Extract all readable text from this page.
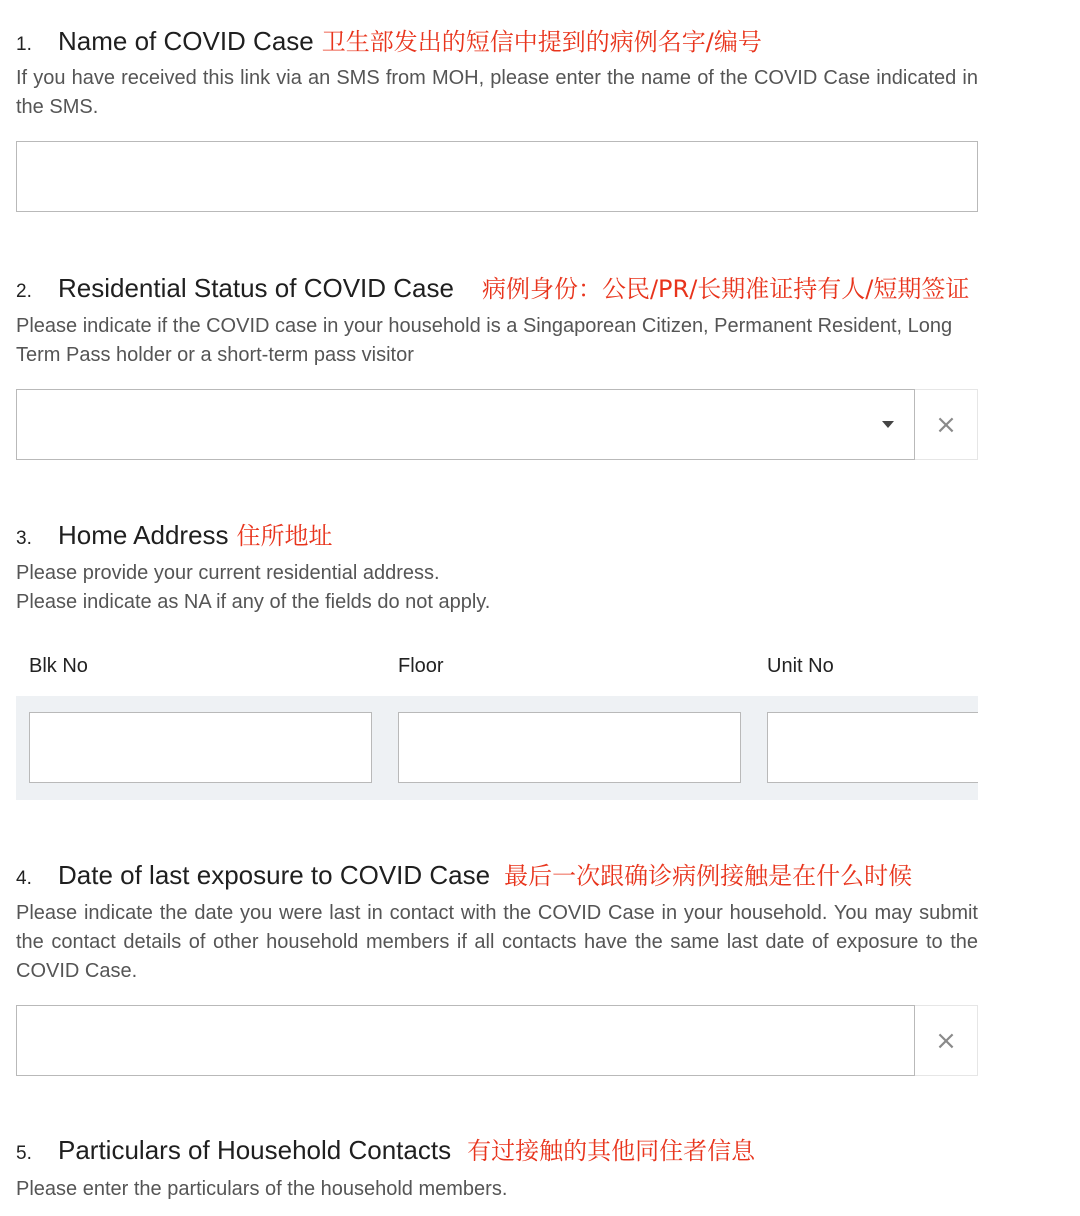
1.	Name of COVID Case 卫生部发出的短信中提到的病例名字/编号
If you have received this link via an SMS from MOH, please enter the name of the COVID Case indicated in the SMS.
2.	Residential Status of COVID Case 病例身份：公民/PR/长期准证持有人/短期签证
Please indicate if the COVID case in your household is a Singaporean Citizen, Permanent Resident, Long Term Pass holder or a short-term pass visitor
×
3.	Home Address 住所地址
Please provide your current residential address.
Please indicate as NA if any of the fields do not apply.
Blk No	Floor	Unit No
4.	Date of last exposure to COVID Case 最后一次跟确诊病例接触是在什么时候
Please indicate the date you were last in contact with the COVID Case in your household. You may submit the contact details of other household members if all contacts have the same last date of exposure to the COVID Case.
×
5.	Particulars of Household Contacts 有过接触的其他同住者信息
Please enter the particulars of the household members.
